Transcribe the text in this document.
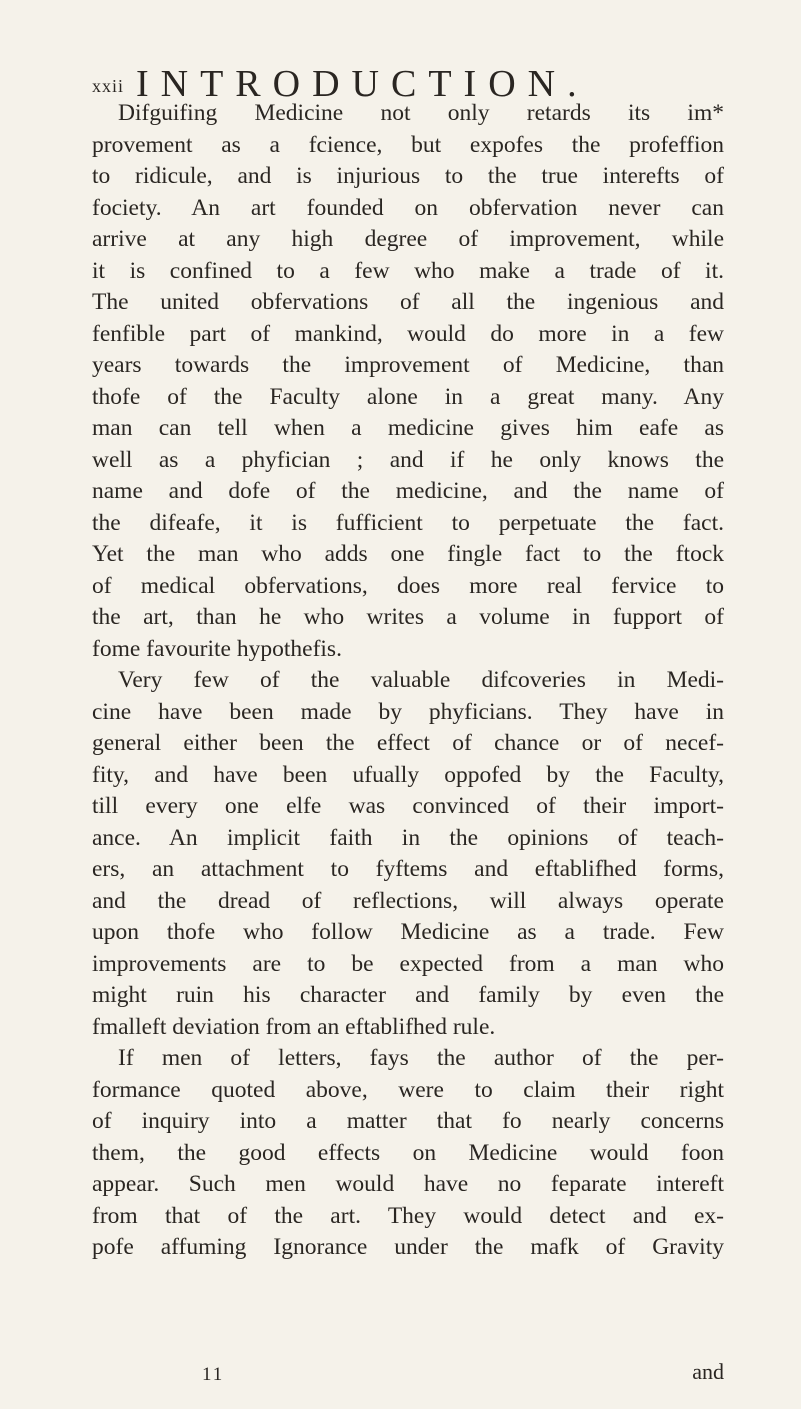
xxii INTRODUCTION.
Difguifing Medicine not only retards its im*
provement as a fcience, but expofes the profeffion
to ridicule, and is injurious to the true interefts of
fociety. An art founded on obfervation never can
arrive at any high degree of improvement, while
it is confined to a few who make a trade of it.
The united obfervations of all the ingenious and
fenfible part of mankind, would do more in a few
years towards the improvement of Medicine, than
thofe of the Faculty alone in a great many. Any
man can tell when a medicine gives him eafe as
well as a phyfician ; and if he only knows the
name and dofe of the medicine, and the name of
the difeafe, it is fufficient to perpetuate the fact.
Yet the man who adds one fingle fact to the ftock
of medical obfervations, does more real fervice to
the art, than he who writes a volume in fupport of
fome favourite hypothefis.
Very few of the valuable difcoveries in Medi-
cine have been made by phyficians. They have in
general either been the effect of chance or of necef-
fity, and have been ufually oppofed by the Faculty,
till every one elfe was convinced of their import-
ance. An implicit faith in the opinions of teach-
ers, an attachment to fyftems and eftablifhed forms,
and the dread of reflections, will always operate
upon thofe who follow Medicine as a trade. Few
improvements are to be expected from a man who
might ruin his character and family by even the
fmalleft deviation from an eftablifhed rule.
If men of letters, fays the author of the per-
formance quoted above, were to claim their right
of inquiry into a matter that fo nearly concerns
them, the good effects on Medicine would foon
appear. Such men would have no feparate intereft
from that of the art. They would detect and ex-
pofe affuming Ignorance under the mafk of Gravity
11	and
